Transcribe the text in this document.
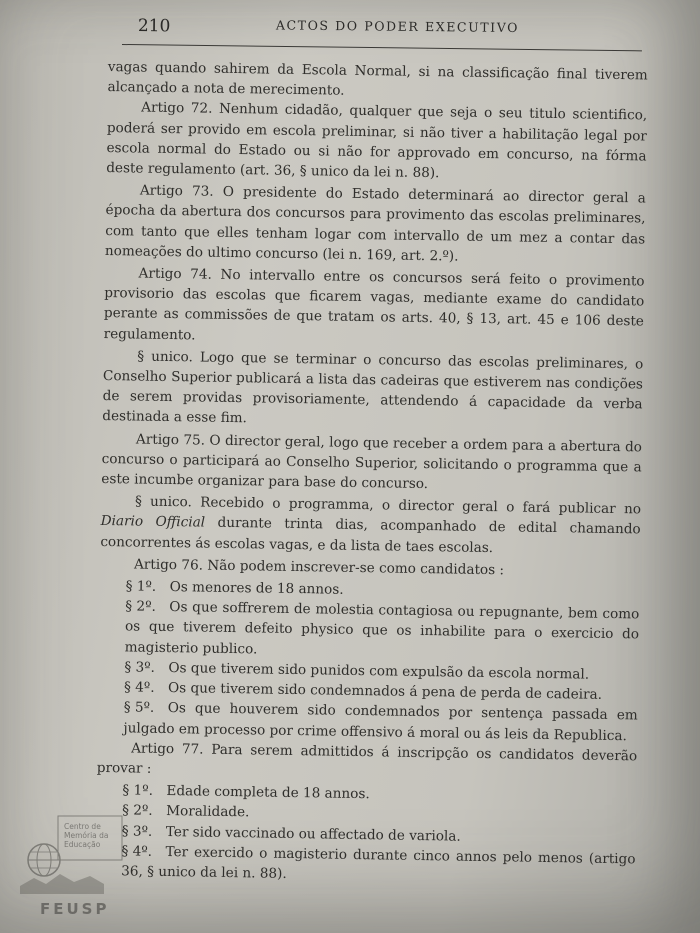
210	ACTOS DO PODER EXECUTIVO

vagas quando sahirem da Escola Normal, si na classificação final tiverem alcançado a nota de merecimento.

Artigo 72. Nenhum cidadão, qualquer que seja o seu titulo scientifico, poderá ser provido em escola preliminar, si não tiver a habilitação legal por escola normal do Estado ou si não for approvado em concurso, na fórma deste regulamento (art. 36, § unico da lei n. 88).

Artigo 73. O presidente do Estado determinará ao director geral a épocha da abertura dos concursos para provimento das escolas preliminares, com tanto que elles tenham logar com intervallo de um mez a contar das nomeações do ultimo concurso (lei n. 169, art. 2.º).

Artigo 74. No intervallo entre os concursos será feito o provimento provisorio das escolas que ficarem vagas, mediante exame do candidato perante as commissões de que tratam os arts. 40, § 13, art. 45 e 106 deste regulamento.

§ unico. Logo que se terminar o concurso das escolas preliminares, o Conselho Superior publicará a lista das cadeiras que estiverem nas condições de serem providas provisoriamente, attendendo á capacidade da verba destinada a esse fim.

Artigo 75. O director geral, logo que receber a ordem para a abertura do concurso o participará ao Conselho Superior, solicitando o programma que a este incumbe organizar para base do concurso.

§ unico. Recebido o programma, o director geral o fará publicar no Diario Official durante trinta dias, acompanhado de edital chamando concorrentes ás escolas vagas, e da lista de taes escolas.

Artigo 76. Não podem inscrever-se como candidatos :

§ 1º. Os menores de 18 annos.

§ 2º. Os que soffrerem de molestia contagiosa ou repugnante, bem como os que tiverem defeito physico que os inhabilite para o exercicio do magisterio publico.

§ 3º. Os que tiverem sido punidos com expulsão da escola normal.

§ 4º. Os que tiverem sido condemnados á pena de perda de cadeira.

§ 5º. Os que houverem sido condemnados por sentença passada em julgado em processo por crime offensivo á moral ou ás leis da Republica.

Artigo 77. Para serem admittidos á inscripção os candidatos deverão provar :

§ 1º. Edade completa de 18 annos.

§ 2º. Moralidade.

§ 3º. Ter sido vaccinado ou affectado de variola.

§ 4º. Ter exercido o magisterio durante cinco annos pelo menos (artigo 36, § unico da lei n. 88).

Centro de
Memória da
Educação
FEUSP
